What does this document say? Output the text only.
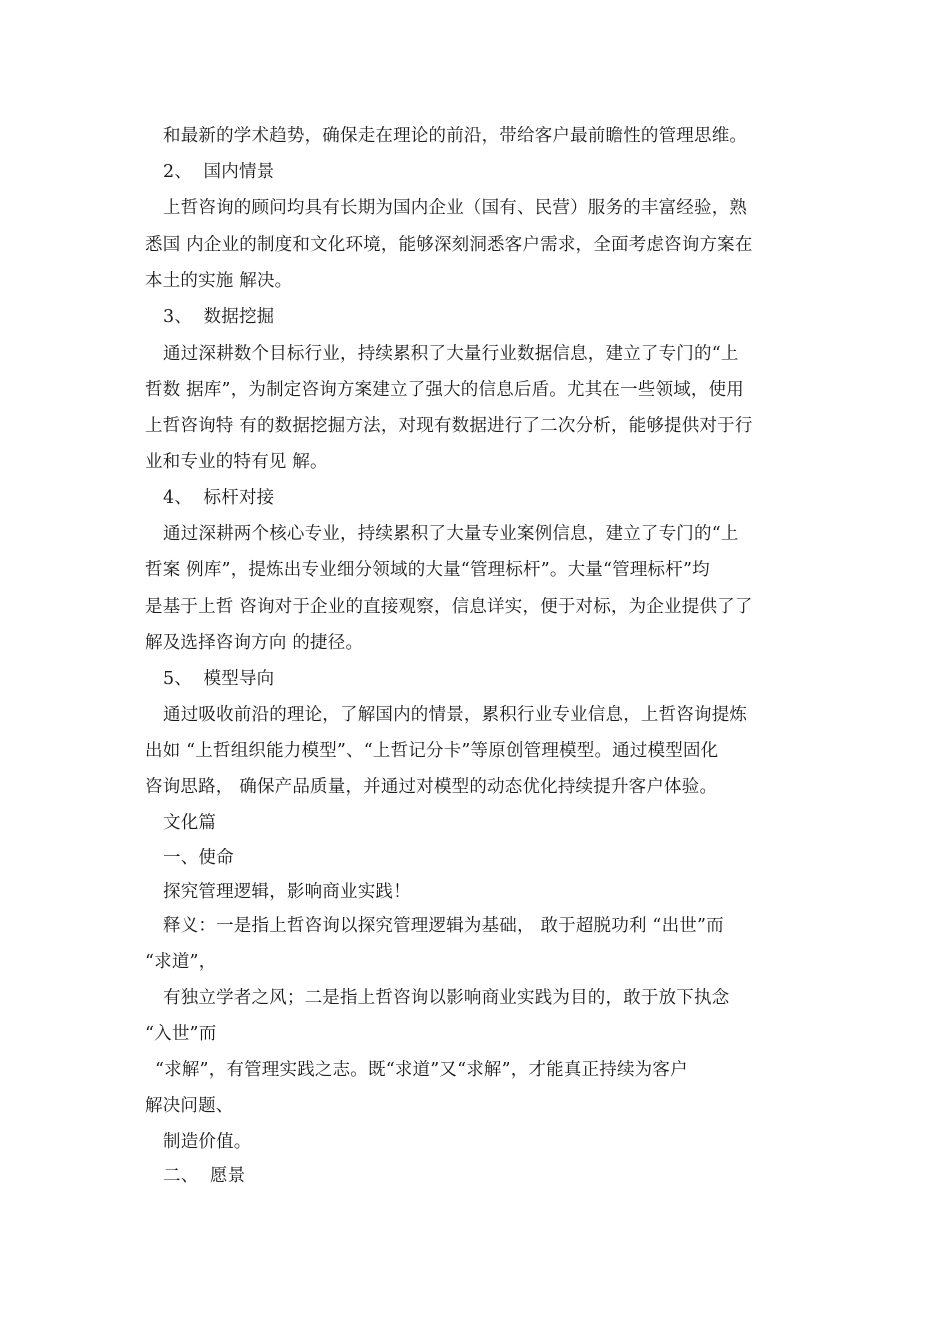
和最新的学术趋势，确保走在理论的前沿，带给客户最前瞻性的管理思维。
2、  国内情景
上哲咨询的顾问均具有长期为国内企业（国有、民营）服务的丰富经验，熟
悉国 内企业的制度和文化环境，能够深刻洞悉客户需求，全面考虑咨询方案在
本土的实施 解决。
3、  数据挖掘
通过深耕数个目标行业，持续累积了大量行业数据信息，建立了专门的“上
哲数 据库”，为制定咨询方案建立了强大的信息后盾。尤其在一些领域，使用
上哲咨询特 有的数据挖掘方法，对现有数据进行了二次分析，能够提供对于行
业和专业的特有见 解。
4、  标杆对接
通过深耕两个核心专业，持续累积了大量专业案例信息，建立了专门的“上
哲案 例库”，提炼出专业细分领域的大量“管理标杆”。大量“管理标杆”均
是基于上哲 咨询对于企业的直接观察，信息详实，便于对标，为企业提供了了
解及选择咨询方向 的捷径。
5、  模型导向
通过吸收前沿的理论，了解国内的情景，累积行业专业信息，上哲咨询提炼
出如 “上哲组织能力模型”、“上哲记分卡”等原创管理模型。通过模型固化
咨询思路， 确保产品质量，并通过对模型的动态优化持续提升客户体验。
文化篇
一、使命
探究管理逻辑，影响商业实践！
释义：一是指上哲咨询以探究管理逻辑为基础， 敢于超脱功利 “出世”而
“求道”，
有独立学者之风；二是指上哲咨询以影响商业实践为目的，敢于放下执念
“入世”而
“求解”，有管理实践之志。既“求道”又“求解”，才能真正持续为客户
解决问题、
制造价值。
二、  愿景
